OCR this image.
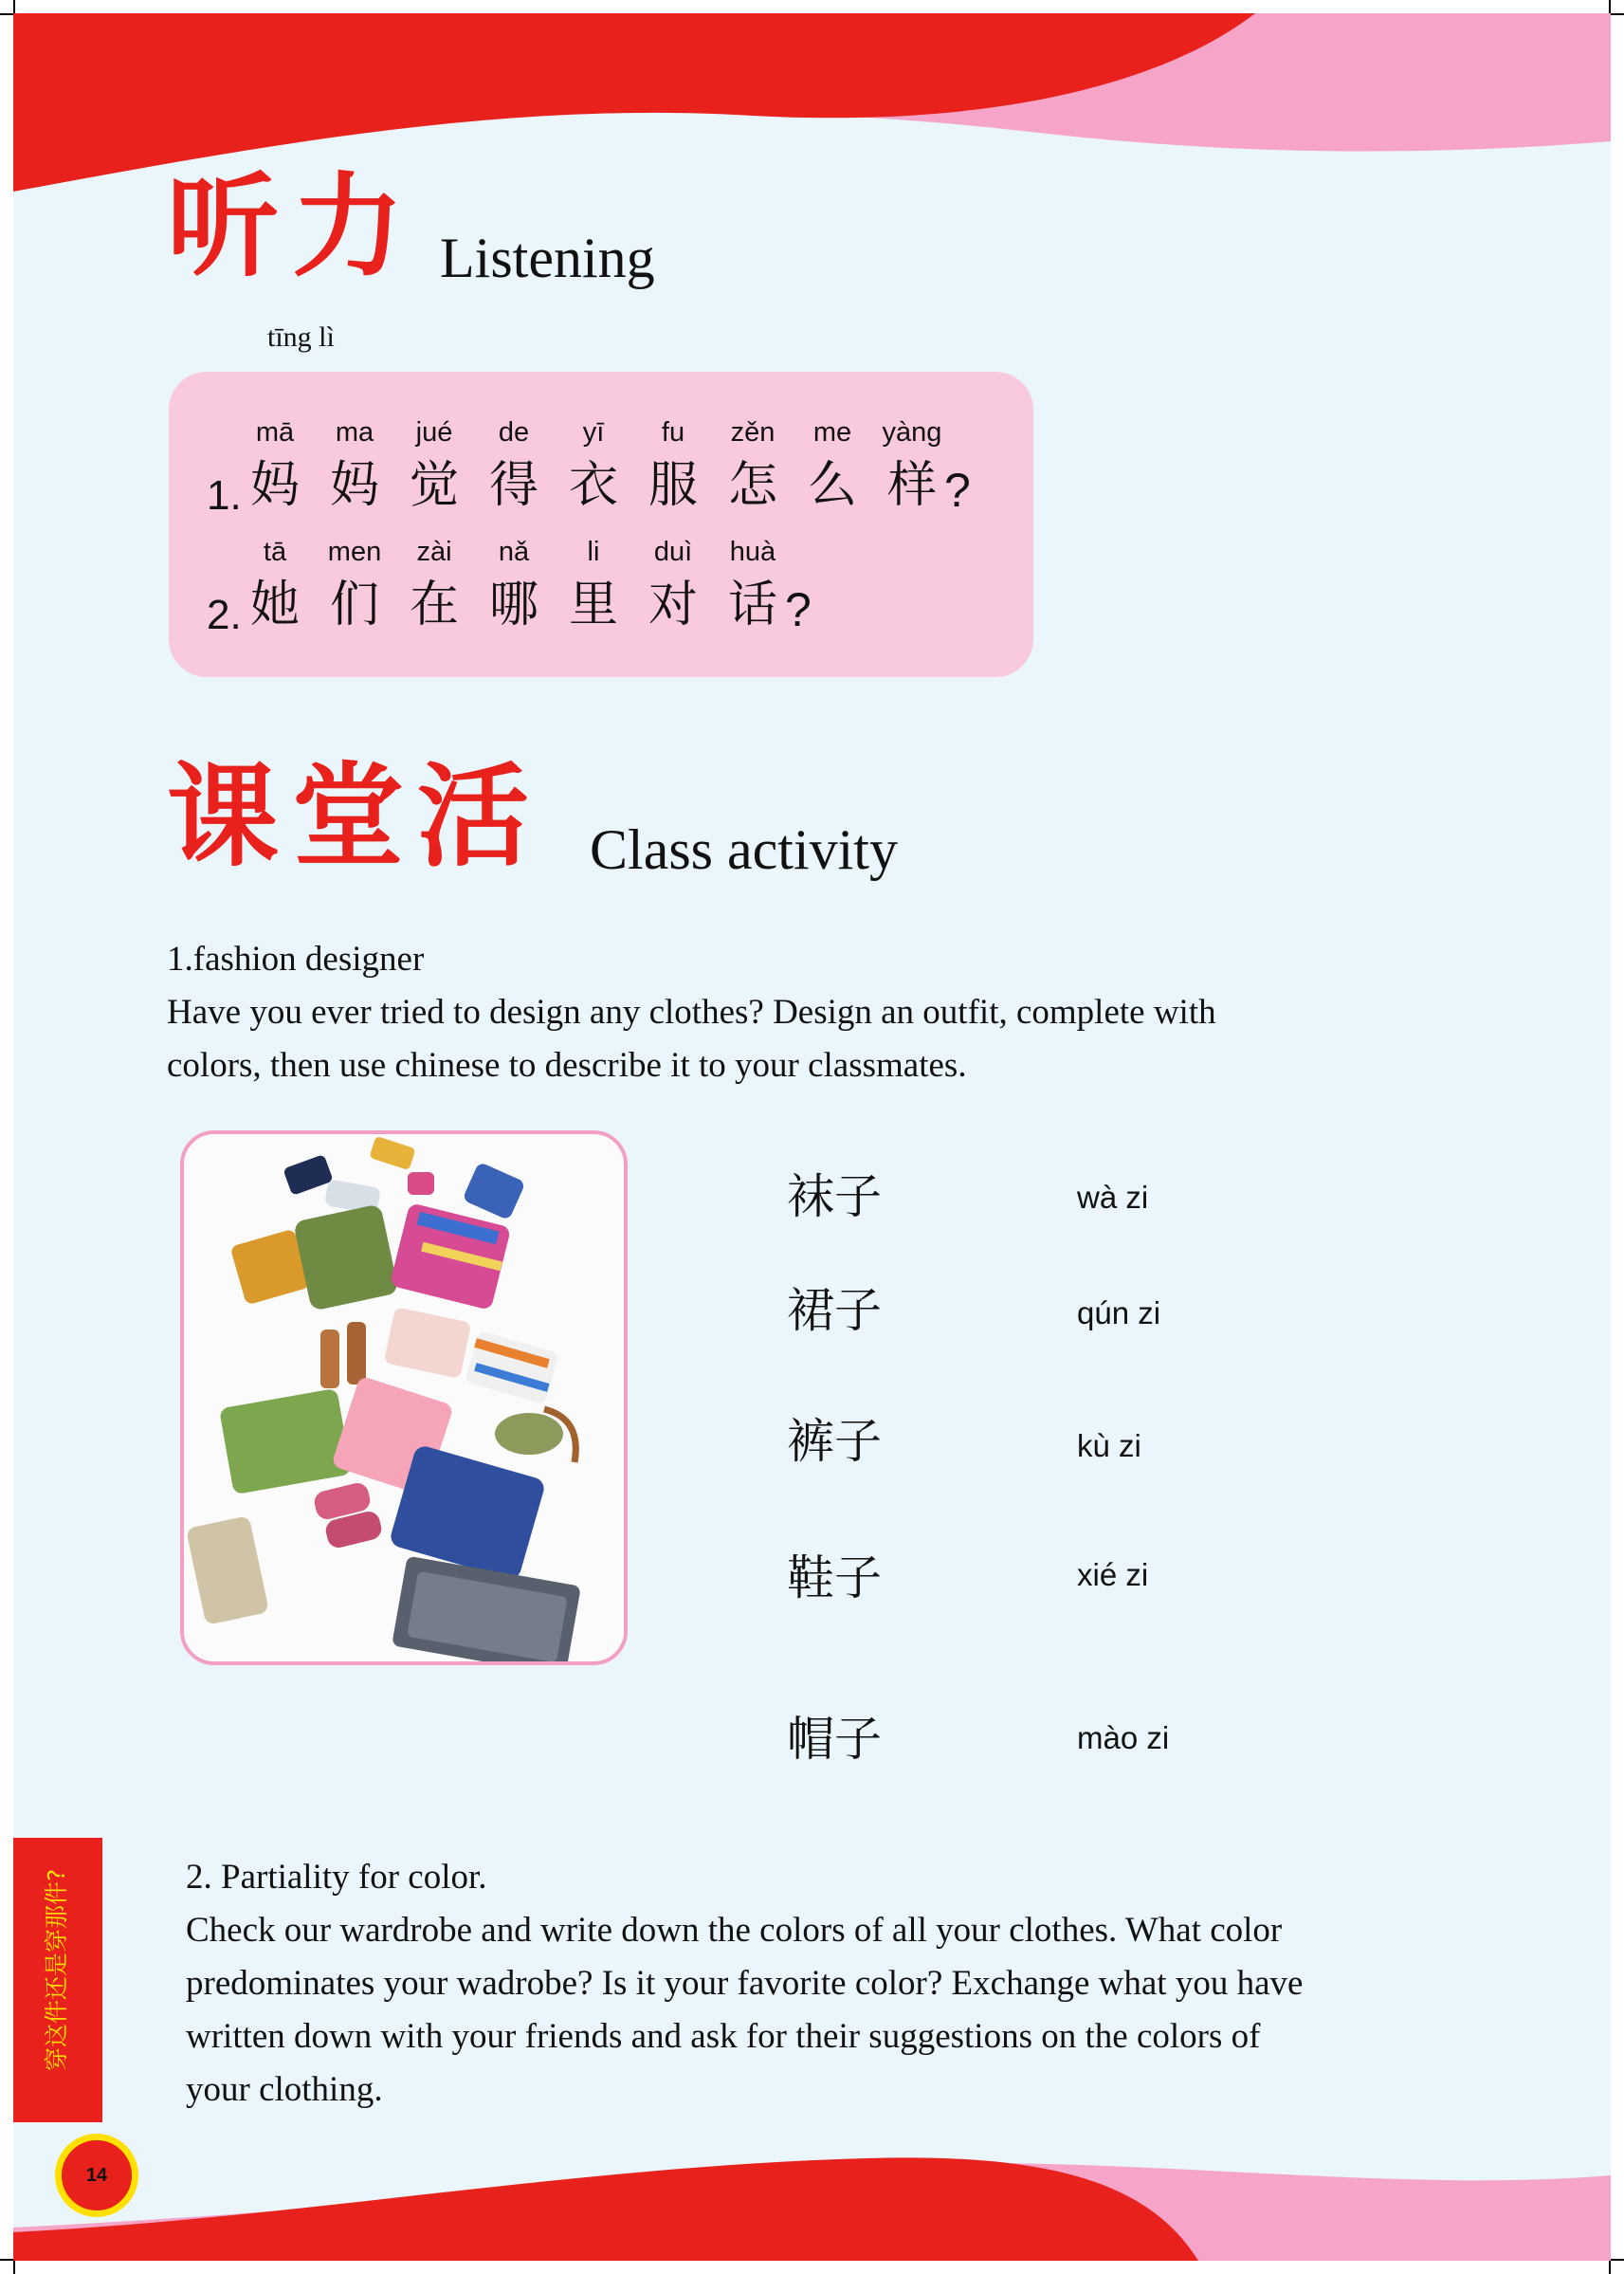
听力 Listening
tīng lì
1.
mā
妈
ma
妈
jué
觉
de
得
yī
衣
fu
服
zěn
怎
me
么
yàng
样 ?
2.
tā
她
men
们
zài
在
nǎ
哪
li
里
duì
对
huà
话 ?
课堂活 Class activity
1.fashion designer
Have you ever tried to design any clothes? Design an outfit, complete with
colors, then use chinese to describe it to your classmates.
袜子	wà zi
裙子	qún zi
裤子	kù zi
鞋子	xié zi
帽子	mào zi
2. Partiality for color.
Check our wardrobe and write down the colors of all your clothes. What color
predominates your wadrobe? Is it your favorite color? Exchange what you have
written down with your friends and ask for their suggestions on the colors of
your clothing.
穿这件还是穿那件?
14
